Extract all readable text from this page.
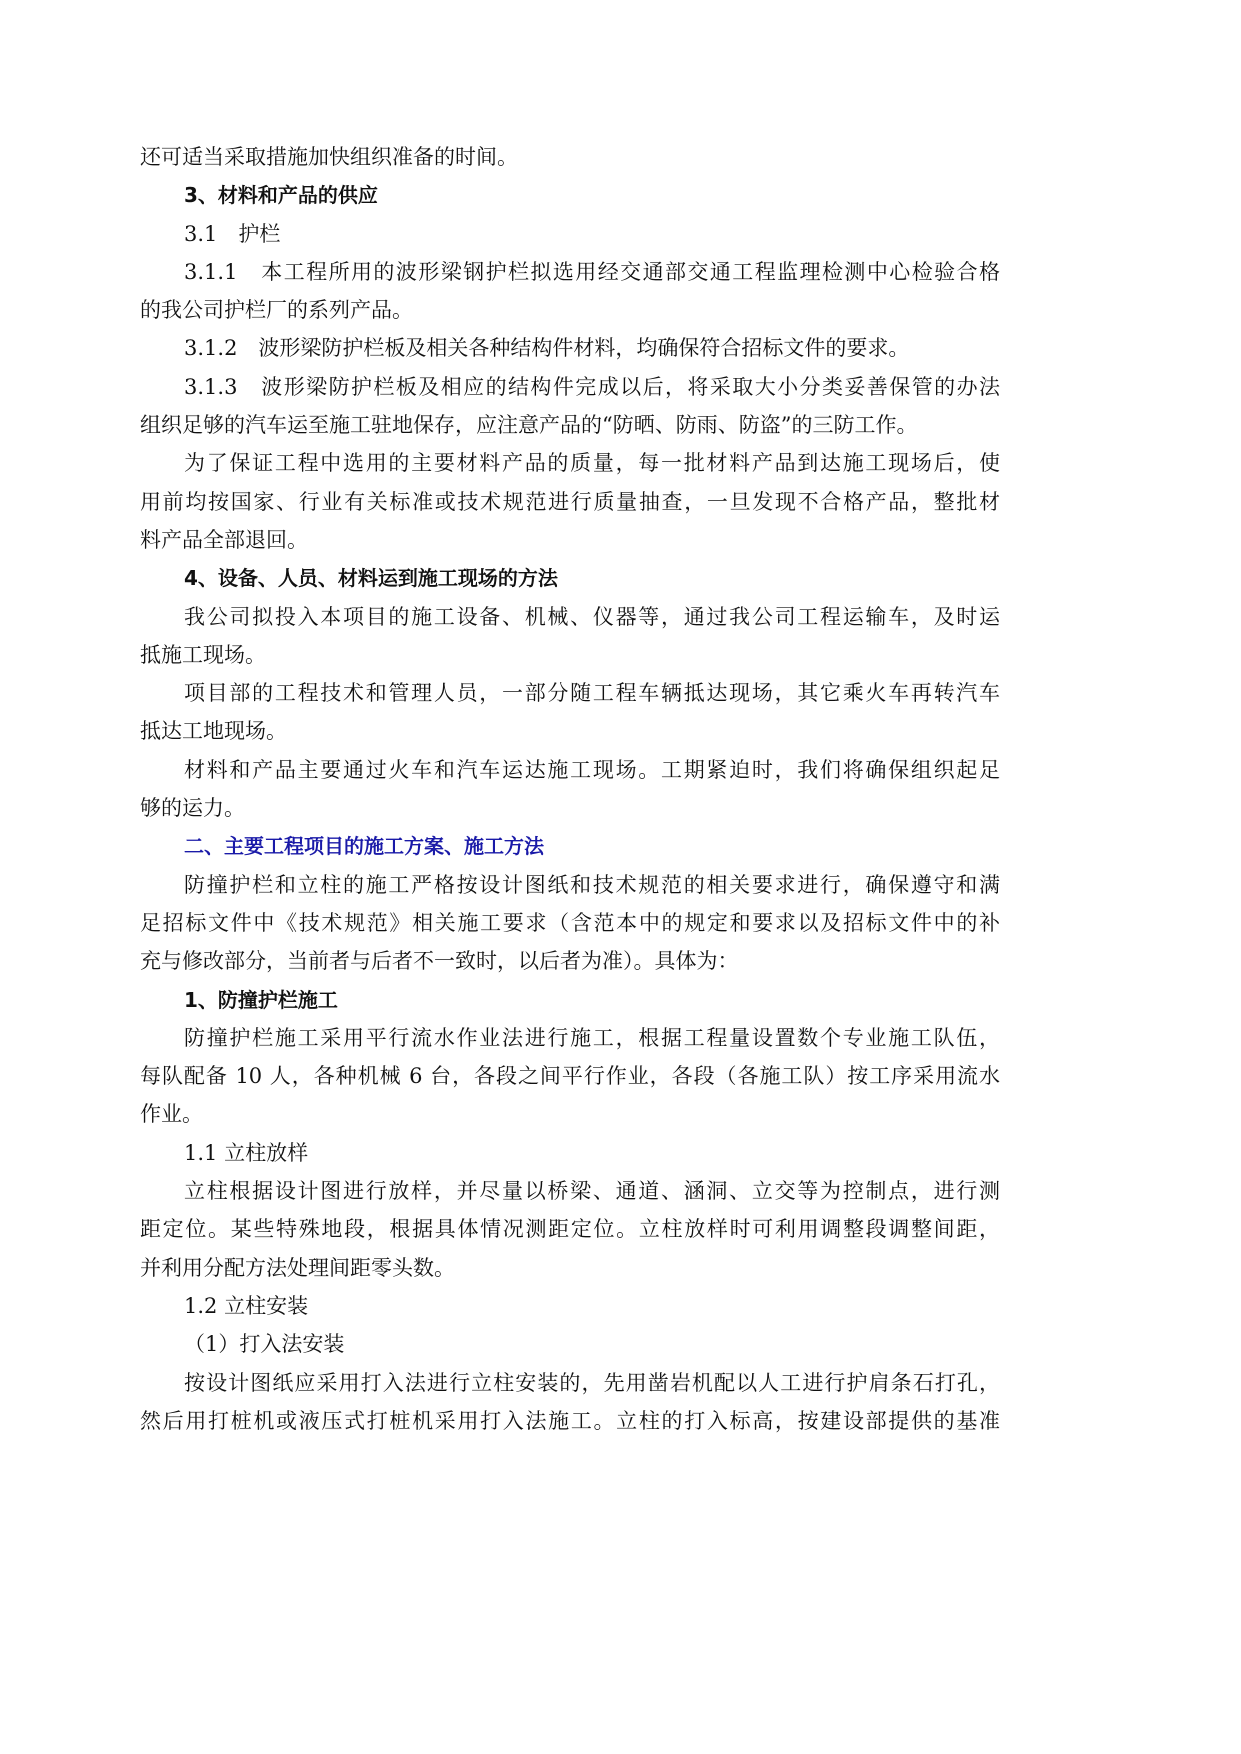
还可适当采取措施加快组织准备的时间。
3、材料和产品的供应
3.1　护栏
3.1.1　本工程所用的波形梁钢护栏拟选用经交通部交通工程监理检测中心检验合格
的我公司护栏厂的系列产品。
3.1.2　波形梁防护栏板及相关各种结构件材料，均确保符合招标文件的要求。
3.1.3　波形梁防护栏板及相应的结构件完成以后，将采取大小分类妥善保管的办法
组织足够的汽车运至施工驻地保存，应注意产品的“防晒、防雨、防盗”的三防工作。
为了保证工程中选用的主要材料产品的质量，每一批材料产品到达施工现场后，使
用前均按国家、行业有关标准或技术规范进行质量抽查，一旦发现不合格产品，整批材
料产品全部退回。
4、设备、人员、材料运到施工现场的方法
我公司拟投入本项目的施工设备、机械、仪器等，通过我公司工程运输车，及时运
抵施工现场。
项目部的工程技术和管理人员，一部分随工程车辆抵达现场，其它乘火车再转汽车
抵达工地现场。
材料和产品主要通过火车和汽车运达施工现场。工期紧迫时，我们将确保组织起足
够的运力。
二、主要工程项目的施工方案、施工方法
防撞护栏和立柱的施工严格按设计图纸和技术规范的相关要求进行，确保遵守和满
足招标文件中《技术规范》相关施工要求（含范本中的规定和要求以及招标文件中的补
充与修改部分，当前者与后者不一致时，以后者为准）。具体为：
1、防撞护栏施工
防撞护栏施工采用平行流水作业法进行施工，根据工程量设置数个专业施工队伍，
每队配备 10 人，各种机械 6 台，各段之间平行作业，各段（各施工队）按工序采用流水
作业。
1.1 立柱放样
立柱根据设计图进行放样，并尽量以桥梁、通道、涵洞、立交等为控制点，进行测
距定位。某些特殊地段，根据具体情况测距定位。立柱放样时可利用调整段调整间距，
并利用分配方法处理间距零头数。
1.2 立柱安装
（1）打入法安装
按设计图纸应采用打入法进行立柱安装的，先用凿岩机配以人工进行护肩条石打孔，
然后用打桩机或液压式打桩机采用打入法施工。立柱的打入标高，按建设部提供的基准
